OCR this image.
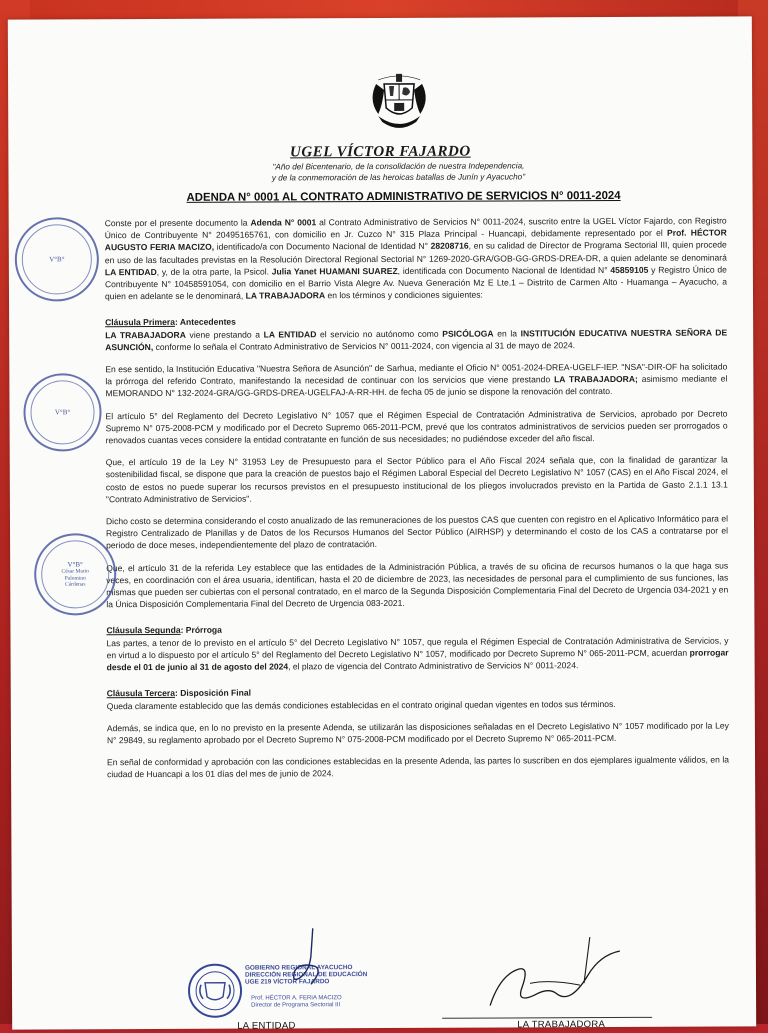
UGEL VÍCTOR FAJARDO
"Año del Bicentenario, de la consolidación de nuestra Independencia,
y de la conmemoración de las heroicas batallas de Junín y Ayacucho"
ADENDA N° 0001 AL CONTRATO ADMINISTRATIVO DE SERVICIOS N° 0011-2024

Conste por el presente documento la Adenda N° 0001 al Contrato Administrativo de Servicios N° 0011-2024, suscrito entre la UGEL Víctor Fajardo, con Registro Único de Contribuyente N° 20495165761, con domicilio en Jr. Cuzco N° 315 Plaza Principal - Huancapi, debidamente representado por el Prof. HÉCTOR AUGUSTO FERIA MACIZO, identificado/a con Documento Nacional de Identidad N° 28208716, en su calidad de Director de Programa Sectorial III, quien procede en uso de las facultades previstas en la Resolución Directoral Regional Sectorial N° 1269-2020-GRA/GOB-GG-GRDS-DREA-DR, a quien adelante se denominará LA ENTIDAD, y, de la otra parte, la Psicol. Julia Yanet HUAMANI SUAREZ, identificada con Documento Nacional de Identidad N° 45859105 y Registro Único de Contribuyente N° 10458591054, con domicilio en el Barrio Vista Alegre Av. Nueva Generación Mz E Lte.1 – Distrito de Carmen Alto - Huamanga – Ayacucho, a quien en adelante se le denominará, LA TRABAJADORA en los términos y condiciones siguientes:

Cláusula Primera: Antecedentes

LA TRABAJADORA viene prestando a LA ENTIDAD el servicio no autónomo como PSICÓLOGA en la INSTITUCIÓN EDUCATIVA NUESTRA SEÑORA DE ASUNCIÓN, conforme lo señala el Contrato Administrativo de Servicios N° 0011-2024, con vigencia al 31 de mayo de 2024.

En ese sentido, la Institución Educativa "Nuestra Señora de Asunción" de Sarhua, mediante el Oficio N° 0051-2024-DREA-UGELF-IEP. "NSA"-DIR-OF ha solicitado la prórroga del referido Contrato, manifestando la necesidad de continuar con los servicios que viene prestando LA TRABAJADORA; asimismo mediante el MEMORANDO N° 132-2024-GRA/GG-GRDS-DREA-UGELFAJ-A-RR-HH. de fecha 05 de junio se dispone la renovación del contrato.

El artículo 5° del Reglamento del Decreto Legislativo N° 1057 que el Régimen Especial de Contratación Administrativa de Servicios, aprobado por Decreto Supremo N° 075-2008-PCM y modificado por el Decreto Supremo 065-2011-PCM, prevé que los contratos administrativos de servicios pueden ser prorrogados o renovados cuantas veces considere la entidad contratante en función de sus necesidades; no pudiéndose exceder del año fiscal.

Que, el artículo 19 de la Ley N° 31953 Ley de Presupuesto para el Sector Público para el Año Fiscal 2024 señala que, con la finalidad de garantizar la sostenibilidad fiscal, se dispone que para la creación de puestos bajo el Régimen Laboral Especial del Decreto Legislativo N° 1057 (CAS) en el Año Fiscal 2024, el costo de estos no puede superar los recursos previstos en el presupuesto institucional de los pliegos involucrados previsto en la Partida de Gasto 2.1.1 13.1 "Contrato Administrativo de Servicios".

Dicho costo se determina considerando el costo anualizado de las remuneraciones de los puestos CAS que cuenten con registro en el Aplicativo Informático para el Registro Centralizado de Planillas y de Datos de los Recursos Humanos del Sector Público (AIRHSP) y determinando el costo de los CAS a contratarse por el periodo de doce meses, independientemente del plazo de contratación.

Que, el artículo 31 de la referida Ley establece que las entidades de la Administración Pública, a través de su oficina de recursos humanos o la que haga sus veces, en coordinación con el área usuaria, identifican, hasta el 20 de diciembre de 2023, las necesidades de personal para el cumplimiento de sus funciones, las mismas que pueden ser cubiertas con el personal contratado, en el marco de la Segunda Disposición Complementaria Final del Decreto de Urgencia 034-2021 y en la Única Disposición Complementaria Final del Decreto de Urgencia 083-2021.

Cláusula Segunda: Prórroga

Las partes, a tenor de lo previsto en el artículo 5° del Decreto Legislativo N° 1057, que regula el Régimen Especial de Contratación Administrativa de Servicios, y en virtud a lo dispuesto por el artículo 5° del Reglamento del Decreto Legislativo N° 1057, modificado por Decreto Supremo N° 065-2011-PCM, acuerdan prorrogar desde el 01 de junio al 31 de agosto del 2024, el plazo de vigencia del Contrato Administrativo de Servicios N° 0011-2024.

Cláusula Tercera: Disposición Final

Queda claramente establecido que las demás condiciones establecidas en el contrato original quedan vigentes en todos sus términos.

Además, se indica que, en lo no previsto en la presente Adenda, se utilizarán las disposiciones señaladas en el Decreto Legislativo N° 1057 modificado por la Ley N° 29849, su reglamento aprobado por el Decreto Supremo N° 075-2008-PCM modificado por el Decreto Supremo N° 065-2011-PCM.

En señal de conformidad y aprobación con las condiciones establecidas en la presente Adenda, las partes lo suscriben en dos ejemplares igualmente válidos, en la ciudad de Huancapi a los 01 días del mes de junio de 2024.

V°B°
V°B°
V°B°
César Mario Palomino Cárdenas
GOBIERNO REGIONAL AYACUCHO
DIRECCIÓN REGIONAL DE EDUCACIÓN
UGE 219 VÍCTOR FAJARDO
Prof. HÉCTOR A. FERIA MACIZO
Director de Programa Sectorial III
LA ENTIDAD	LA TRABAJADORA
